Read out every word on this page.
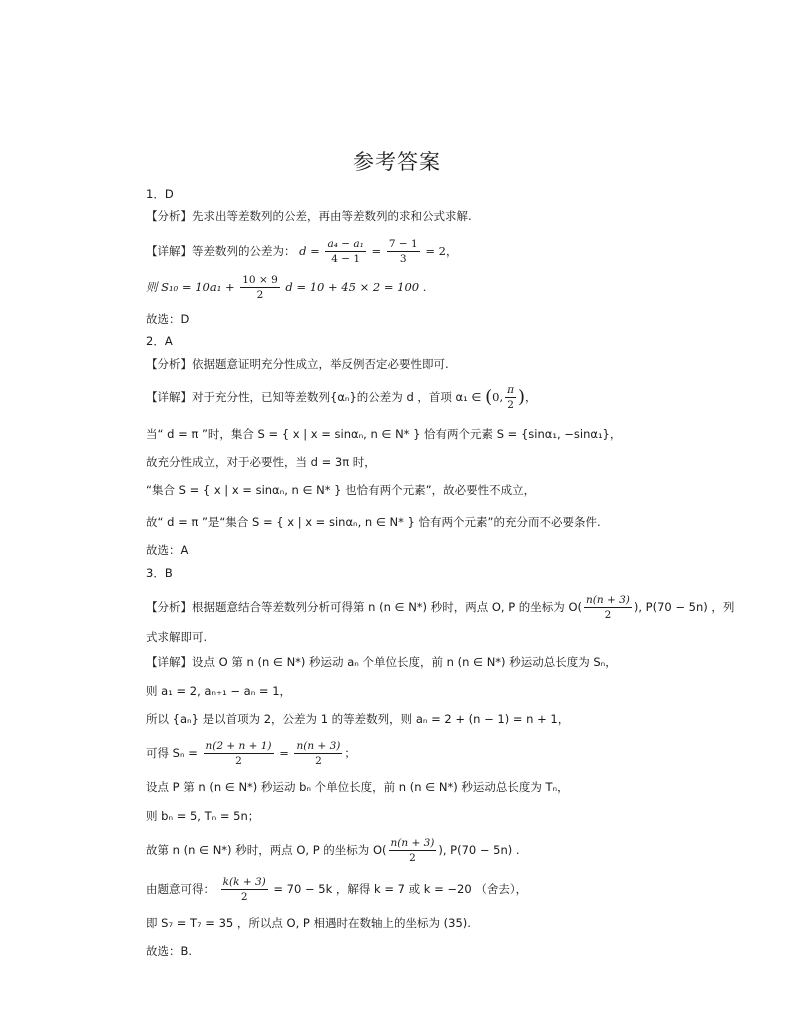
参考答案
1．D
【分析】先求出等差数列的公差，再由等差数列的求和公式求解.
【详解】等差数列的公差为： $d = \frac{\text{a₄ − a₁}}{4 - 1} = \frac{7 - 1}{3} = 2$，
则 $S_{10} = 10a_1 + \frac{10 \times 9}{2}$ d = 10 + 45 × 2 = 100 .
故选：D
2．A
【分析】依据题意证明充分性成立，举反例否定必要性即可.
【详解】对于充分性，已知等差数列{αₙ}的公差为 d ，首项 α₁ ∈ (0, $\frac{\pi}{2}$ )，
当“ d = π ”时，集合 S = { x | x = sinαₙ, n ∈ N* } 恰有两个元素 S = {sinα₁, −sinα₁}，
故充分性成立，对于必要性，当 d = 3π 时，
“集合 S = { x | x = sinαₙ, n ∈ N* } 也恰有两个元素”，故必要性不成立，
故“ d = π ”是“集合 S = { x | x = sinαₙ, n ∈ N* } 恰有两个元素”的充分而不必要条件.
故选：A
3．B
【分析】根据题意结合等差数列分析可得第 n (n ∈ N*) 秒时，两点 O, P 的坐标为 $O( \frac{n(n + 3)}{2}$ ), P(70 − 5n) ，列
式求解即可.
【详解】设点 O 第 n (n ∈ N*) 秒运动 aₙ 个单位长度，前 n (n ∈ N*) 秒运动总长度为 Sₙ，
则 a₁ = 2, aₙ₊₁ − aₙ = 1，
所以 {aₙ} 是以首项为 2，公差为 1 的等差数列，则 aₙ = 2 + (n − 1) = n + 1，
可得 $S_n = \frac{n(2 + n + 1)}{2} = \frac{n(n + 3)}{2}$ ；
设点 P 第 n (n ∈ N*) 秒运动 bₙ 个单位长度，前 n (n ∈ N*) 秒运动总长度为 Tₙ，
则 bₙ = 5, Tₙ = 5n；
故第 n (n ∈ N*) 秒时，两点 O, P 的坐标为 $O( \frac{n(n + 3)}{2}$ ), P(70 − 5n) .
由题意可得： $\frac{k(k + 3)}{2} = 70 - 5k$ ，解得 k = 7 或 k = −20 （舍去），
即 S₇ = T₇ = 35 ，所以点 O, P 相遇时在数轴上的坐标为 (35).
故选：B.
